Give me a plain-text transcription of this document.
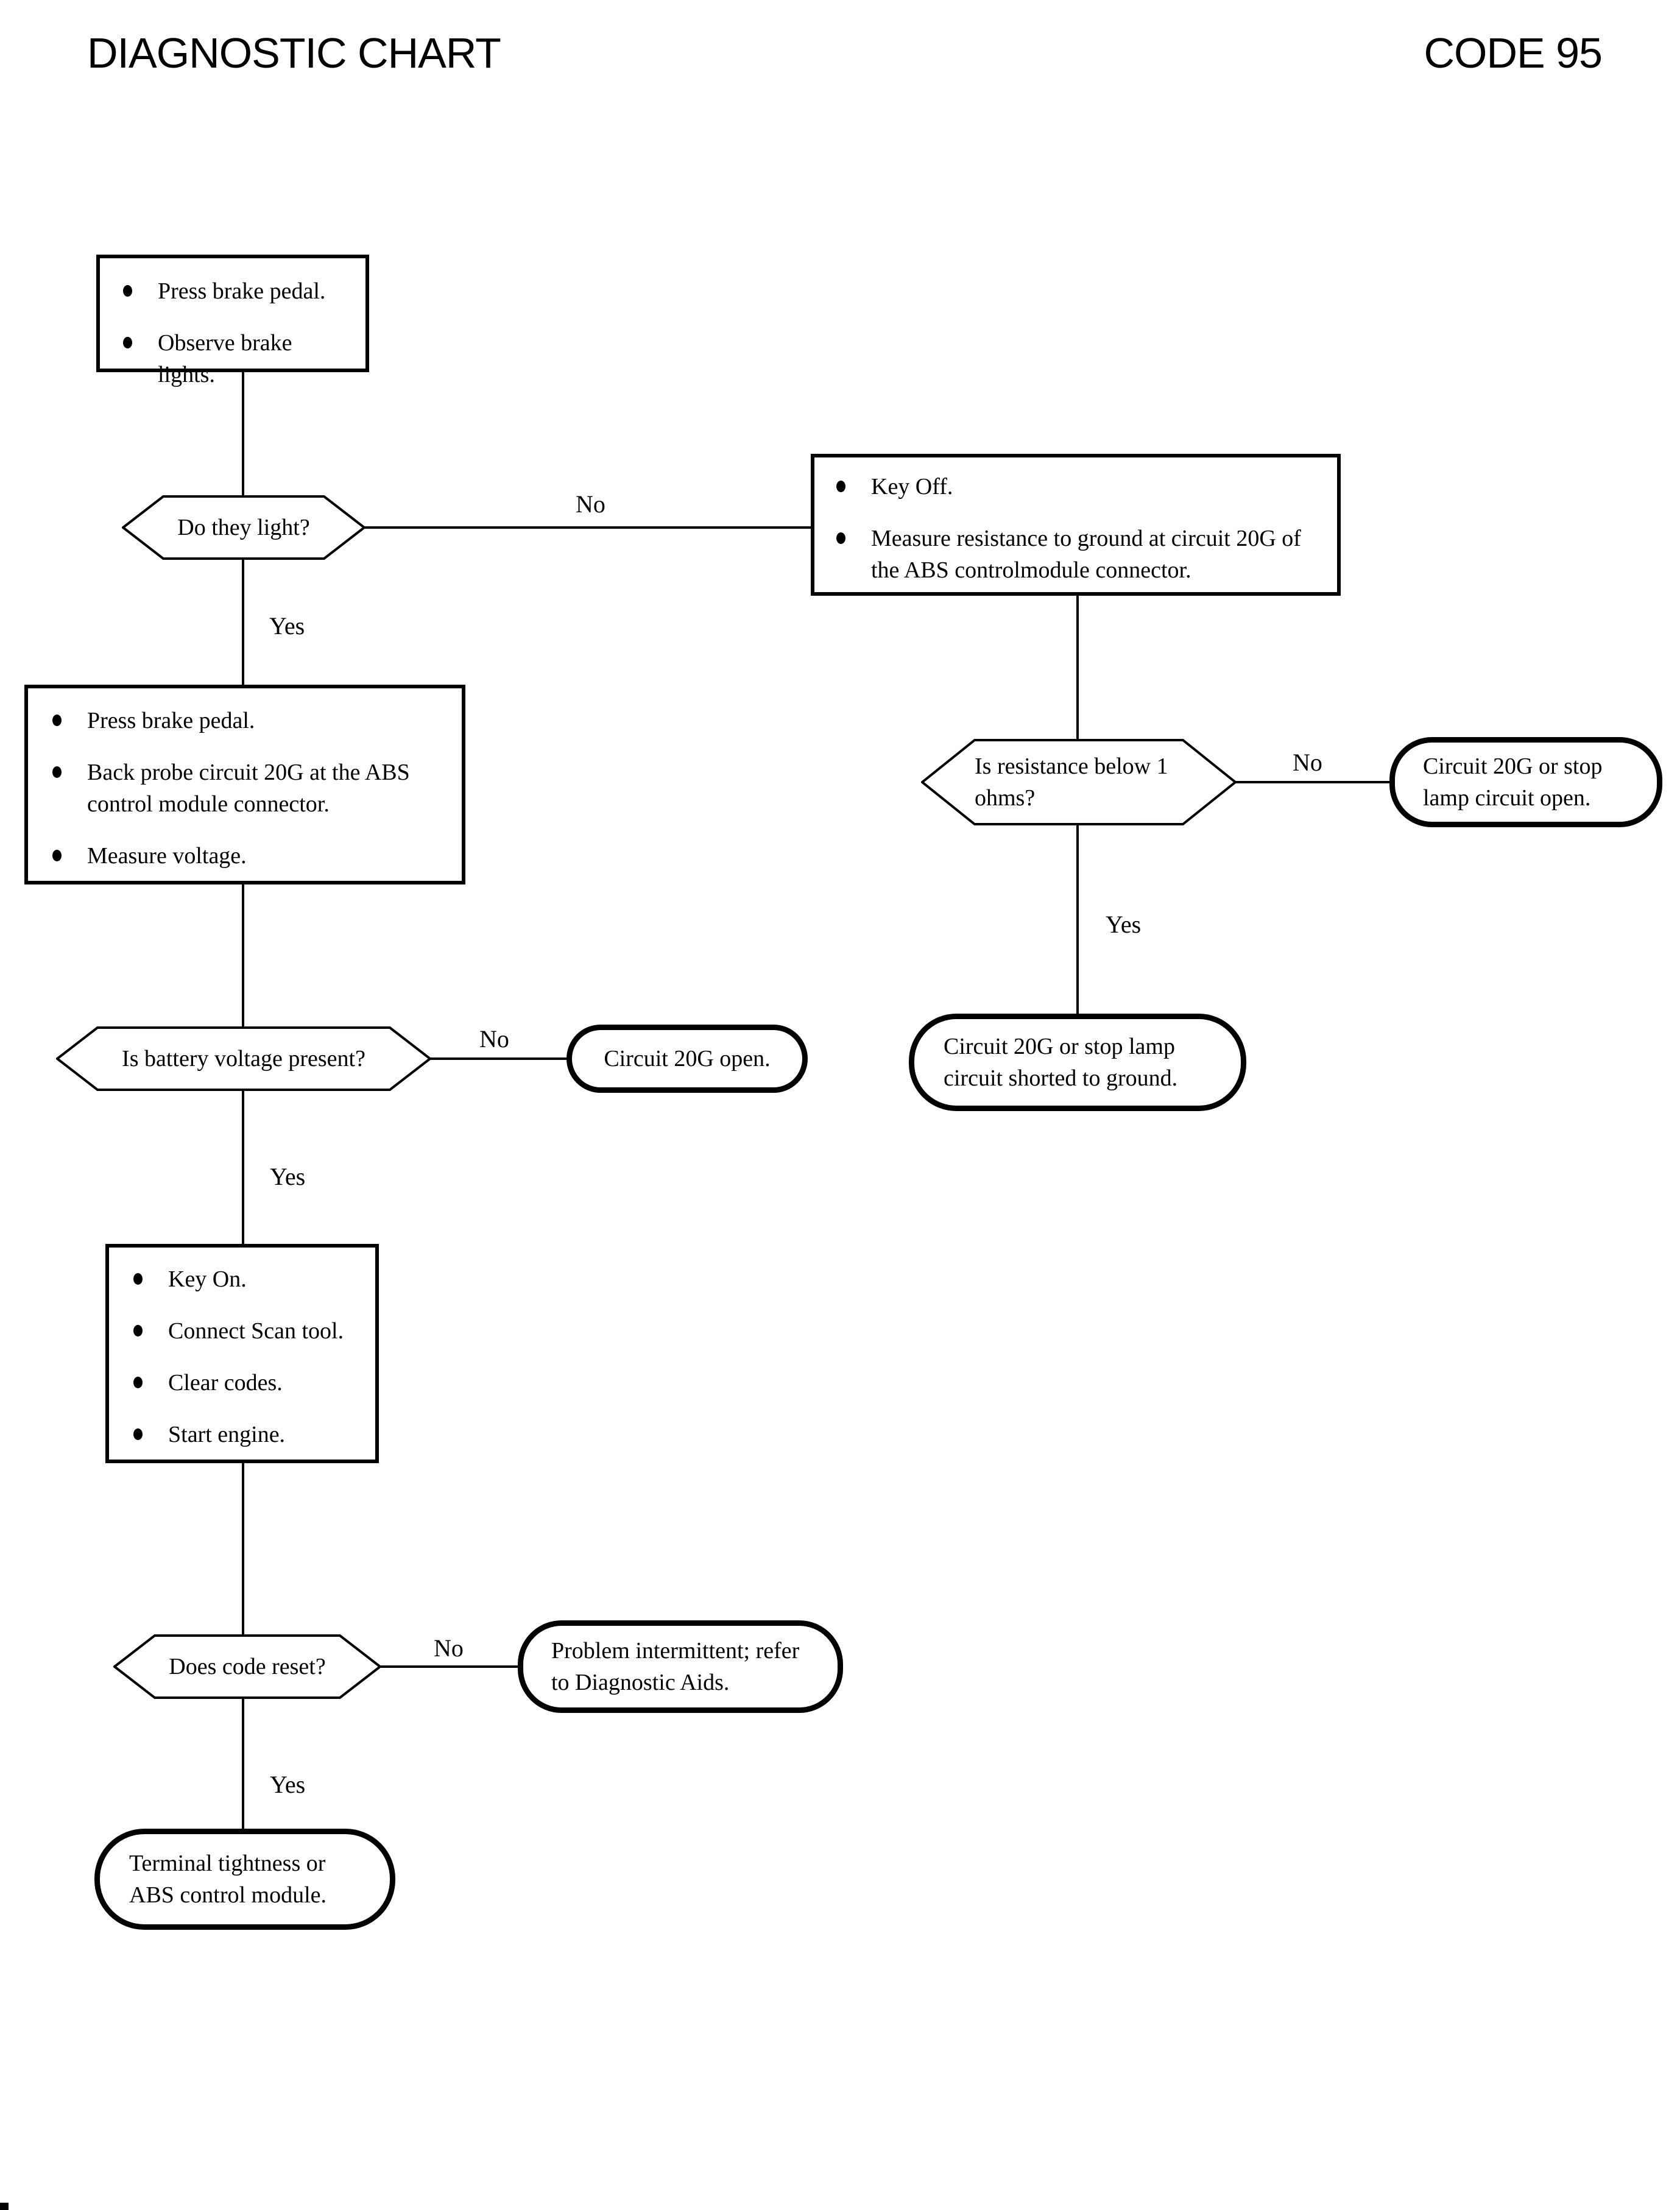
DIAGNOSTIC CHART	CODE 95
No
Yes
No
Yes
No
Yes
No
Yes
Press brake pedal.
Observe brake lights.
Do they light?
Key Off.
Measure resistance to ground at circuit 20G of the ABS controlmodule connector.
Press brake pedal.
Back probe circuit 20G at the ABS control module connector.
Measure voltage.
Is resistance below 1 ohms?
Circuit 20G or stop lamp circuit open.
Circuit 20G or stop lamp circuit shorted to ground.
Is battery voltage present?	Circuit 20G open.
Key On.
Connect Scan tool.
Clear codes.
Start engine.
Does code reset?
Problem intermittent; refer to Diagnostic Aids.
Terminal tightness or ABS control module.
